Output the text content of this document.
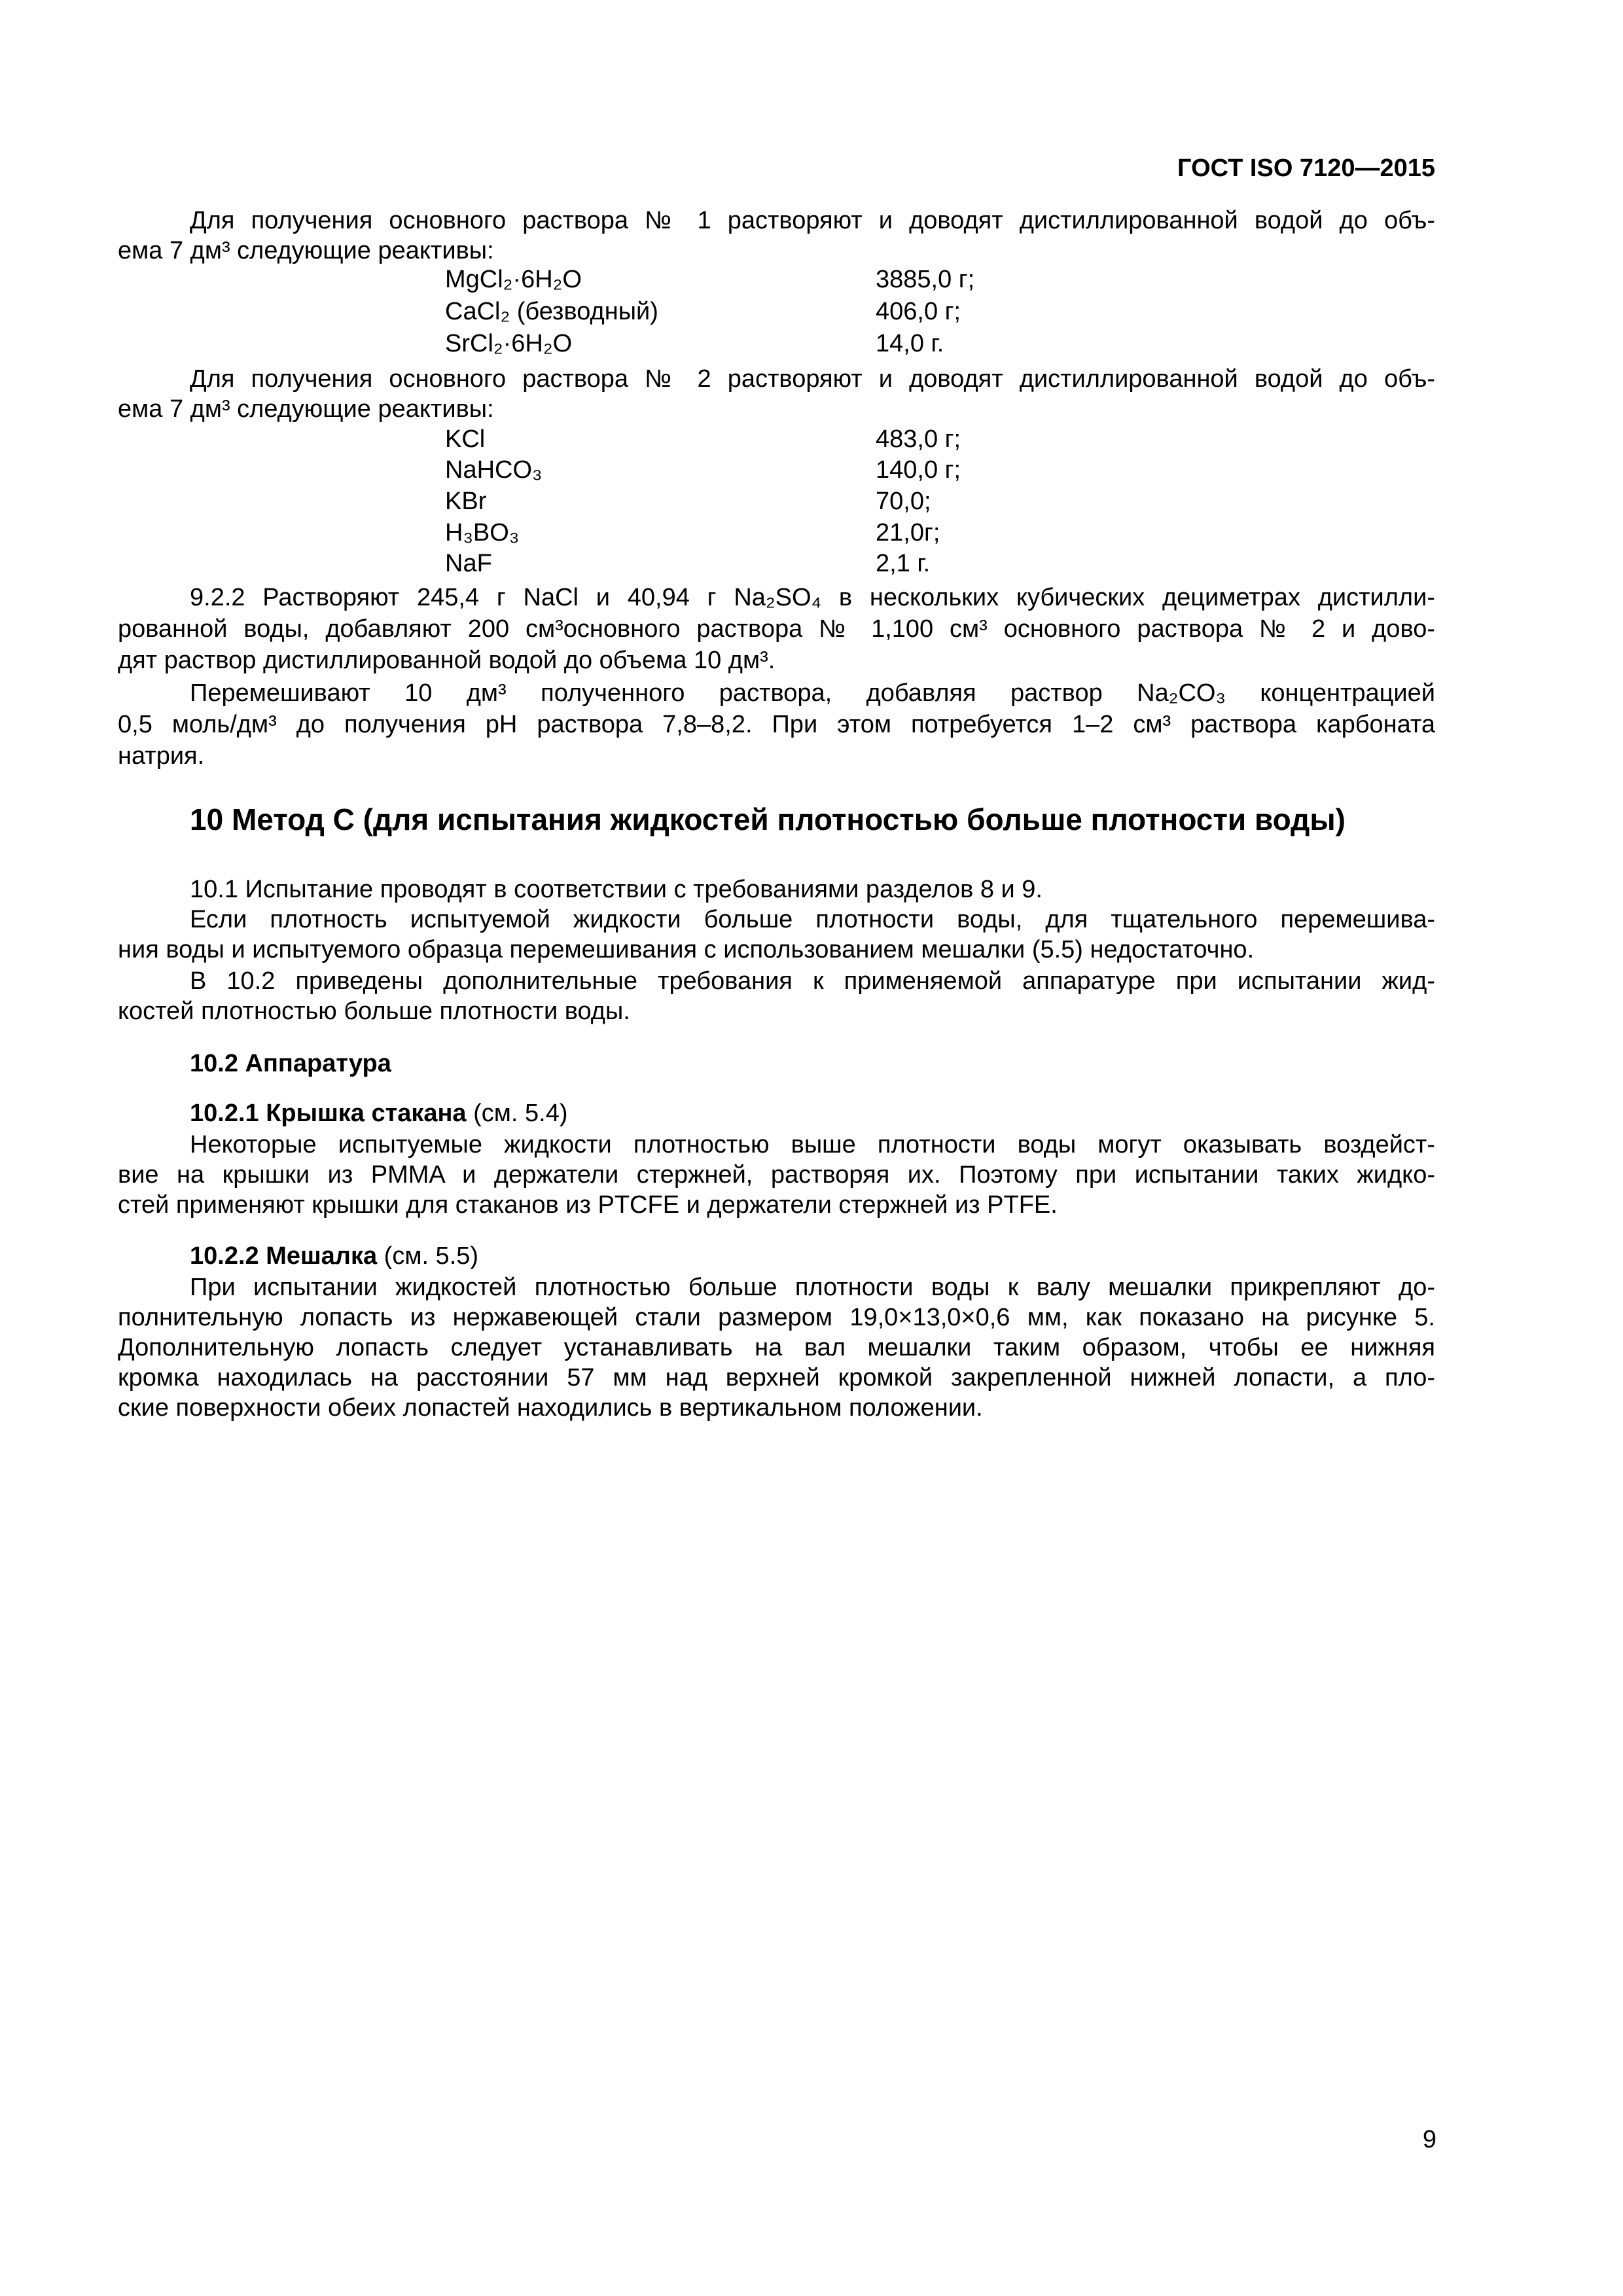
ГОСТ ISO 7120—2015
Для получения основного раствора № 1 растворяют и доводят дистиллированной водой до объ-
ема 7 дм³ следующие реактивы:
MgCl₂·6H₂O	3885,0 г;
CaCl₂ (безводный)	406,0 г;
SrCl₂·6H₂O	14,0 г.
Для получения основного раствора № 2 растворяют и доводят дистиллированной водой до объ-
ема 7 дм³ следующие реактивы:
KCl	483,0 г;
NaHCO₃	140,0 г;
KBr	70,0;
H₃BO₃	21,0г;
NaF	2,1 г.
9.2.2 Растворяют 245,4 г NaCl и 40,94 г Na₂SO₄ в нескольких кубических дециметрах дистилли-
рованной воды, добавляют 200 см³основного раствора № 1,100 см³ основного раствора № 2 и дово-
дят раствор дистиллированной водой до объема 10 дм³.
Перемешивают 10 дм³ полученного раствора, добавляя раствор Na₂CO₃ концентрацией
0,5 моль/дм³ до получения pH раствора 7,8–8,2. При этом потребуется 1–2 см³ раствора карбоната
натрия.
10 Метод С (для испытания жидкостей плотностью больше плотности воды)
10.1 Испытание проводят в соответствии с требованиями разделов 8 и 9.
Если плотность испытуемой жидкости больше плотности воды, для тщательного перемешива-
ния воды и испытуемого образца перемешивания с использованием мешалки (5.5) недостаточно.
В 10.2 приведены дополнительные требования к применяемой аппаратуре при испытании жид-
костей плотностью больше плотности воды.
10.2 Аппаратура
10.2.1 Крышка стакана (см. 5.4)
Некоторые испытуемые жидкости плотностью выше плотности воды могут оказывать воздейст-
вие на крышки из PMMA и держатели стержней, растворяя их. Поэтому при испытании таких жидко-
стей применяют крышки для стаканов из PTCFE и держатели стержней из PTFE.
10.2.2 Мешалка (см. 5.5)
При испытании жидкостей плотностью больше плотности воды к валу мешалки прикрепляют до-
полнительную лопасть из нержавеющей стали размером 19,0×13,0×0,6 мм, как показано на рисунке 5.
Дополнительную лопасть следует устанавливать на вал мешалки таким образом, чтобы ее нижняя
кромка находилась на расстоянии 57 мм над верхней кромкой закрепленной нижней лопасти, а пло-
ские поверхности обеих лопастей находились в вертикальном положении.
9
